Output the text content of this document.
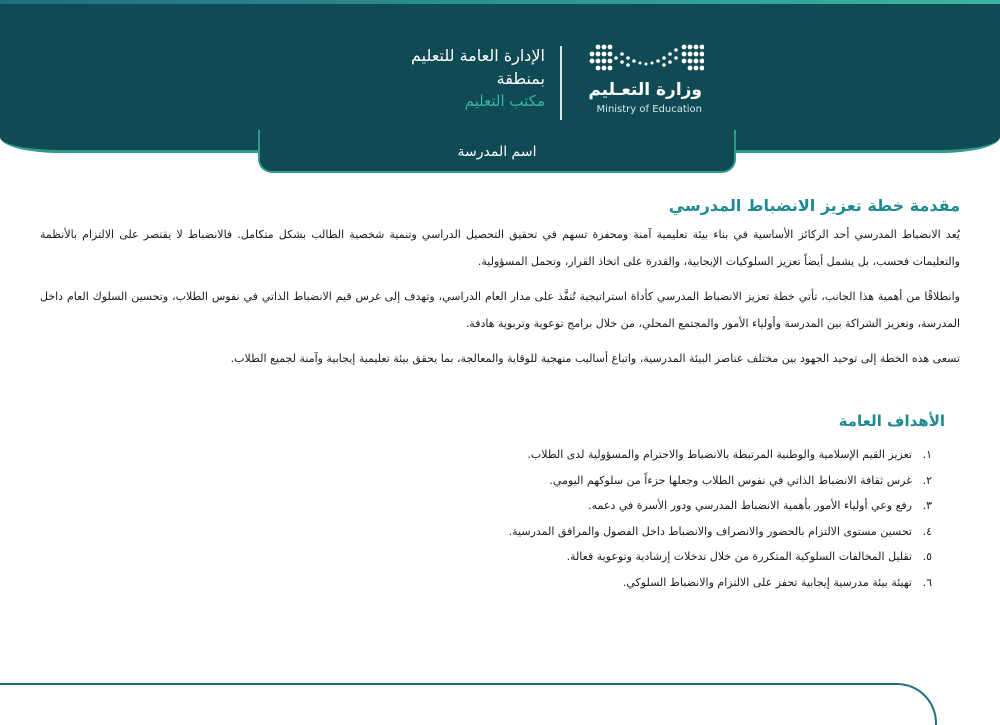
وزارة التعـليم
Ministry of Education
الإدارة العامة للتعليم
بمنطقة
مكتب التعليم
اسم المدرسة
مقدمة خطة تعزيز الانضباط المدرسي

يُعد الانضباط المدرسي أحد الركائز الأساسية في بناء بيئة تعليمية آمنة ومحفزة تسهم في تحقيق التحصيل الدراسي وتنمية شخصية الطالب بشكل متكامل. فالانضباط لا يقتصر على الالتزام بالأنظمة والتعليمات فحسب، بل يشمل أيضاً تعزيز السلوكيات الإيجابية، والقدرة على اتخاذ القرار، وتحمل المسؤولية.

وانطلاقًا من أهمية هذا الجانب، تأتي خطة تعزيز الانضباط المدرسي كأداة استراتيجية تُنفَّذ على مدار العام الدراسي، وتهدف إلى غرس قيم الانضباط الذاتي في نفوس الطلاب، وتحسين السلوك العام داخل المدرسة، وتعزيز الشراكة بين المدرسة وأولياء الأمور والمجتمع المحلي، من خلال برامج توعوية وتربوية هادفة.

تسعى هذه الخطة إلى توحيد الجهود بين مختلف عناصر البيئة المدرسية، واتباع أساليب منهجية للوقاية والمعالجة، بما يحقق بيئة تعليمية إيجابية وآمنة لجميع الطلاب.

الأهداف العامة
١.تعزيز القيم الإسلامية والوطنية المرتبطة بالانضباط والاحترام والمسؤولية لدى الطلاب.
٢.غرس ثقافة الانضباط الذاتي في نفوس الطلاب وجعلها جزءاً من سلوكهم اليومي.
٣.رفع وعي أولياء الأمور بأهمية الانضباط المدرسي ودور الأسرة في دعمه.
٤.تحسين مستوى الالتزام بالحضور والانصراف والانضباط داخل الفصول والمرافق المدرسية.
٥.تقليل المخالفات السلوكية المتكررة من خلال تدخلات إرشادية وتوعوية فعالة.
٦.تهيئة بيئة مدرسية إيجابية تحفز على الالتزام والانضباط السلوكي.
